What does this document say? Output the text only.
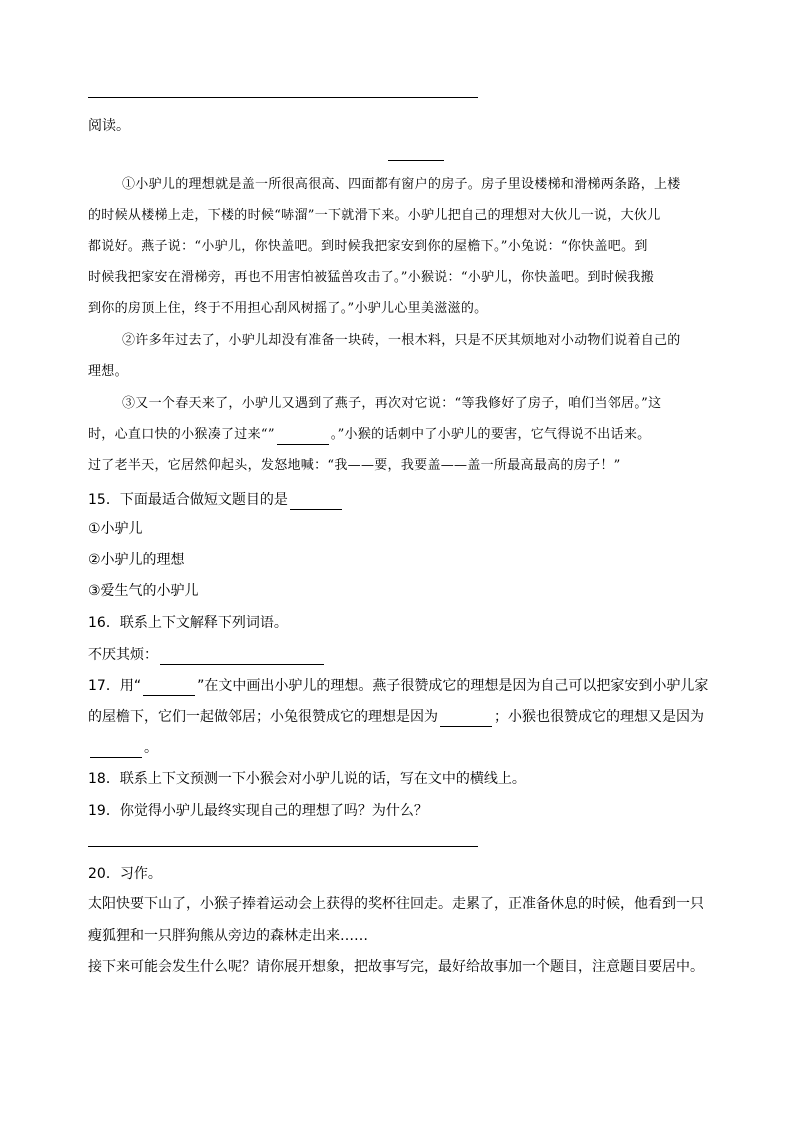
阅读。
①小驴儿的理想就是盖一所很高很高、四面都有窗户的房子。房子里设楼梯和滑梯两条路，上楼
的时候从楼梯上走，下楼的时候“哧溜”一下就滑下来。小驴儿把自己的理想对大伙儿一说，大伙儿
都说好。燕子说：“小驴儿，你快盖吧。到时候我把家安到你的屋檐下。”小兔说：“你快盖吧。到
时候我把家安在滑梯旁，再也不用害怕被猛兽攻击了。”小猴说：“小驴儿，你快盖吧。到时候我搬
到你的房顶上住，终于不用担心刮风树摇了。”小驴儿心里美滋滋的。
②许多年过去了，小驴儿却没有准备一块砖，一根木料，只是不厌其烦地对小动物们说着自己的
理想。
③又一个春天来了，小驴儿又遇到了燕子，再次对它说：“等我修好了房子，咱们当邻居。”这
时，心直口快的小猴凑了过来“”	。”小猴的话刺中了小驴儿的要害，它气得说不出话来。
过了老半天，它居然仰起头，发怒地喊：“我——要，我要盖——盖一所最高最高的房子！”
15．下面最适合做短文题目的是
①小驴儿
②小驴儿的理想
③爱生气的小驴儿
16．联系上下文解释下列词语。
不厌其烦：
17．用“	”在文中画出小驴儿的理想。燕子很赞成它的理想是因为自己可以把家安到小驴儿家
的屋檐下，它们一起做邻居；小兔很赞成它的理想是因为	；小猴也很赞成它的理想又是因为
。
18．联系上下文预测一下小猴会对小驴儿说的话，写在文中的横线上。
19．你觉得小驴儿最终实现自己的理想了吗？为什么？
20．习作。
太阳快要下山了，小猴子捧着运动会上获得的奖杯往回走。走累了，正准备休息的时候，他看到一只
瘦狐狸和一只胖狗熊从旁边的森林走出来……
接下来可能会发生什么呢？请你展开想象，把故事写完，最好给故事加一个题目，注意题目要居中。
